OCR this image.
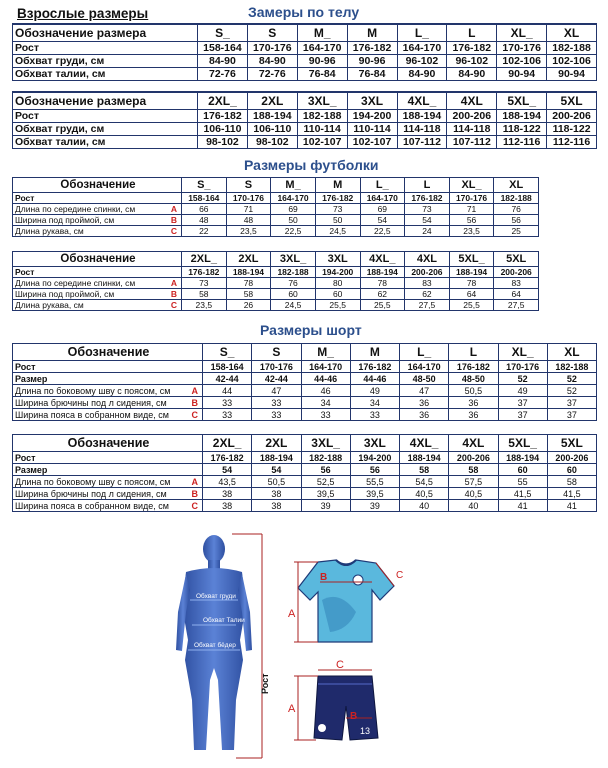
Взрослые размеры	Замеры по телу
Обозначение размера	S_	S	M_	M	L_	L	XL_	XL
Рост	158-164	170-176	164-170	176-182	164-170	176-182	170-176	182-188
Обхват груди, см	84-90	84-90	90-96	90-96	96-102	96-102	102-106	102-106
Обхват талии, см	72-76	72-76	76-84	76-84	84-90	84-90	90-94	90-94
Обозначение размера	2XL_	2XL	3XL_	3XL	4XL_	4XL	5XL_	5XL
Рост	176-182	188-194	182-188	194-200	188-194	200-206	188-194	200-206
Обхват груди, см	106-110	106-110	110-114	110-114	114-118	114-118	118-122	118-122
Обхват талии, см	98-102	98-102	102-107	102-107	107-112	107-112	112-116	112-116
Размеры футболки
Обозначение	S_	S	M_	M	L_	L	XL_	XL
Рост	158-164	170-176	164-170	176-182	164-170	176-182	170-176	182-188
Длина по середине спинки, см A	66	71	69	73	69	73	71	76
Ширина под проймой, см B	48	48	50	50	54	54	56	56
Длина рукава, см C	22	23,5	22,5	24,5	22,5	24	23,5	25
Обозначение	2XL_	2XL	3XL_	3XL	4XL_	4XL	5XL_	5XL
Рост	176-182	188-194	182-188	194-200	188-194	200-206	188-194	200-206
Длина по середине спинки, см A	73	78	76	80	78	83	78	83
Ширина под проймой, см B	58	58	60	60	62	62	64	64
Длина рукава, см C	23,5	26	24,5	25,5	25,5	27,5	25,5	27,5
Размеры шорт
Обозначение	S_	S	M_	M	L_	L	XL_	XL
Рост	158-164	170-176	164-170	176-182	164-170	176-182	170-176	182-188
Размер	42-44	42-44	44-46	44-46	48-50	48-50	52	52
Длина по боковому шву с поясом, см A	44	47	46	49	47	50,5	49	52
Ширина брючины под л сидения, см B	33	33	34	34	36	36	37	37
Ширина пояса в собранном виде, см C	33	33	33	33	36	36	37	37
Обозначение	2XL_	2XL	3XL_	3XL	4XL_	4XL	5XL_	5XL
Рост	176-182	188-194	182-188	194-200	188-194	200-206	188-194	200-206
Размер	54	54	56	56	58	58	60	60
Длина по боковому шву с поясом, см A	43,5	50,5	52,5	55,5	54,5	57,5	55	58
Ширина брючины под л сидения, см B	38	38	39,5	39,5	40,5	40,5	41,5	41,5
Ширина пояса в собранном виде, см C	38	38	39	39	40	40	41	41
Обхват груди
Обхват Талии
Обхват бёдер
Рост
A
B	C
13
C
A
B
